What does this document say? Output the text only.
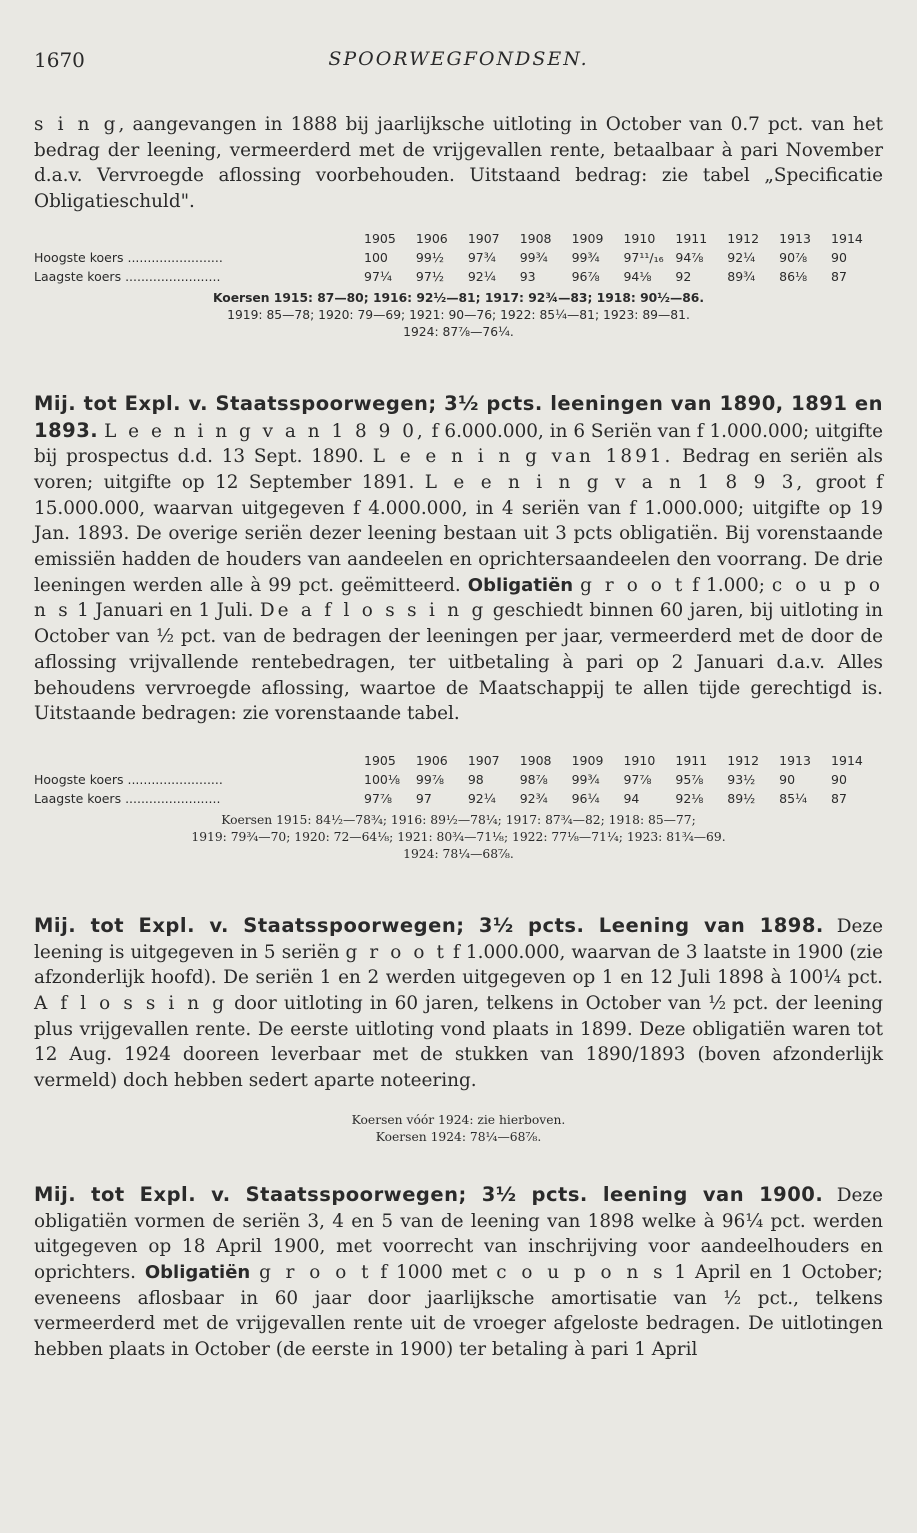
1670	SPOORWEGFONDSEN.

s i n g, aangevangen in 1888 bij jaarlijksche uitloting in October van 0.7 pct. van het bedrag der leening, vermeerderd met de vrijgevallen rente, betaalbaar à pari November d.a.v. Vervroegde aflossing voorbehouden. Uitstaand bedrag: zie tabel „Specificatie Obligatieschuld".

	1905	1906	1907	1908	1909	1910	1911	1912	1913	1914
Hoogste koers ........................	100	99½	97¾	99¾	99¾	97¹¹/₁₆	94⅞	92¼	90⅞	90
Laagste koers ........................	97¼	97½	92¼	93	96⅞	94⅛	92	89¾	86⅛	87

Koersen 1915: 87—80; 1916: 92½—81; 1917: 92¾—83; 1918: 90½—86.

1919: 85—78; 1920: 79—69; 1921: 90—76; 1922: 85¼—81; 1923: 89—81.

1924: 87⅞—76¼.

Mij. tot Expl. v. Staatsspoorwegen; 3½ pcts. leeningen van 1890, 1891 en 1893. L e e n i n g v a n 1 8 9 0, f 6.000.000, in 6 Seriën van f 1.000.000; uitgifte bij prospectus d.d. 13 Sept. 1890. L e e n i n g van 1891. Bedrag en seriën als voren; uitgifte op 12 September 1891. L e e n i n g v a n 1 8 9 3, groot f 15.000.000, waarvan uitgegeven f 4.000.000, in 4 seriën van f 1.000.000; uitgifte op 19 Jan. 1893. De overige seriën dezer leening bestaan uit 3 pcts obligatiën. Bij vorenstaande emissiën hadden de houders van aandeelen en oprichtersaandeelen den voorrang. De drie leeningen werden alle à 99 pct. geëmitteerd. Obligatiën g r o o t f 1.000; c o u p o n s 1 Januari en 1 Juli. De a f l o s s i n g geschiedt binnen 60 jaren, bij uitloting in October van ½ pct. van de bedragen der leeningen per jaar, vermeerderd met de door de aflossing vrijvallende rentebedragen, ter uitbetaling à pari op 2 Januari d.a.v. Alles behoudens vervroegde aflossing, waartoe de Maatschappij te allen tijde gerechtigd is. Uitstaande bedragen: zie vorenstaande tabel.

	1905	1906	1907	1908	1909	1910	1911	1912	1913	1914
Hoogste koers ........................	100⅛	99⅞	98	98⅞	99¾	97⅞	95⅞	93½	90	90
Laagste koers ........................	97⅞	97	92¼	92¾	96¼	94	92⅛	89½	85¼	87

Koersen 1915: 84½—78¾; 1916: 89½—78¼; 1917: 87¾—82; 1918: 85—77;

1919: 79¾—70; 1920: 72—64⅛; 1921: 80¾—71⅛; 1922: 77⅛—71¼; 1923: 81¾—69.

1924: 78¼—68⅞.

Mij. tot Expl. v. Staatsspoorwegen; 3½ pcts. Leening van 1898. Deze leening is uitgegeven in 5 seriën g r o o t f 1.000.000, waarvan de 3 laatste in 1900 (zie afzonderlijk hoofd). De seriën 1 en 2 werden uitgegeven op 1 en 12 Juli 1898 à 100¼ pct. A f l o s s i n g door uitloting in 60 jaren, telkens in October van ½ pct. der leening plus vrijgevallen rente. De eerste uitloting vond plaats in 1899. Deze obligatiën waren tot 12 Aug. 1924 dooreen leverbaar met de stukken van 1890/1893 (boven afzonderlijk vermeld) doch hebben sedert aparte noteering.

Koersen vóór 1924: zie hierboven.

Koersen 1924: 78¼—68⅞.

Mij. tot Expl. v. Staatsspoorwegen; 3½ pcts. leening van 1900. Deze obligatiën vormen de seriën 3, 4 en 5 van de leening van 1898 welke à 96¼ pct. werden uitgegeven op 18 April 1900, met voorrecht van inschrijving voor aandeelhouders en oprichters. Obligatiën g r o o t f 1000 met c o u p o n s 1 April en 1 October; eveneens aflosbaar in 60 jaar door jaarlijksche amortisatie van ½ pct., telkens vermeerderd met de vrijgevallen rente uit de vroeger afgeloste bedragen. De uitlotingen hebben plaats in October (de eerste in 1900) ter betaling à pari 1 April
